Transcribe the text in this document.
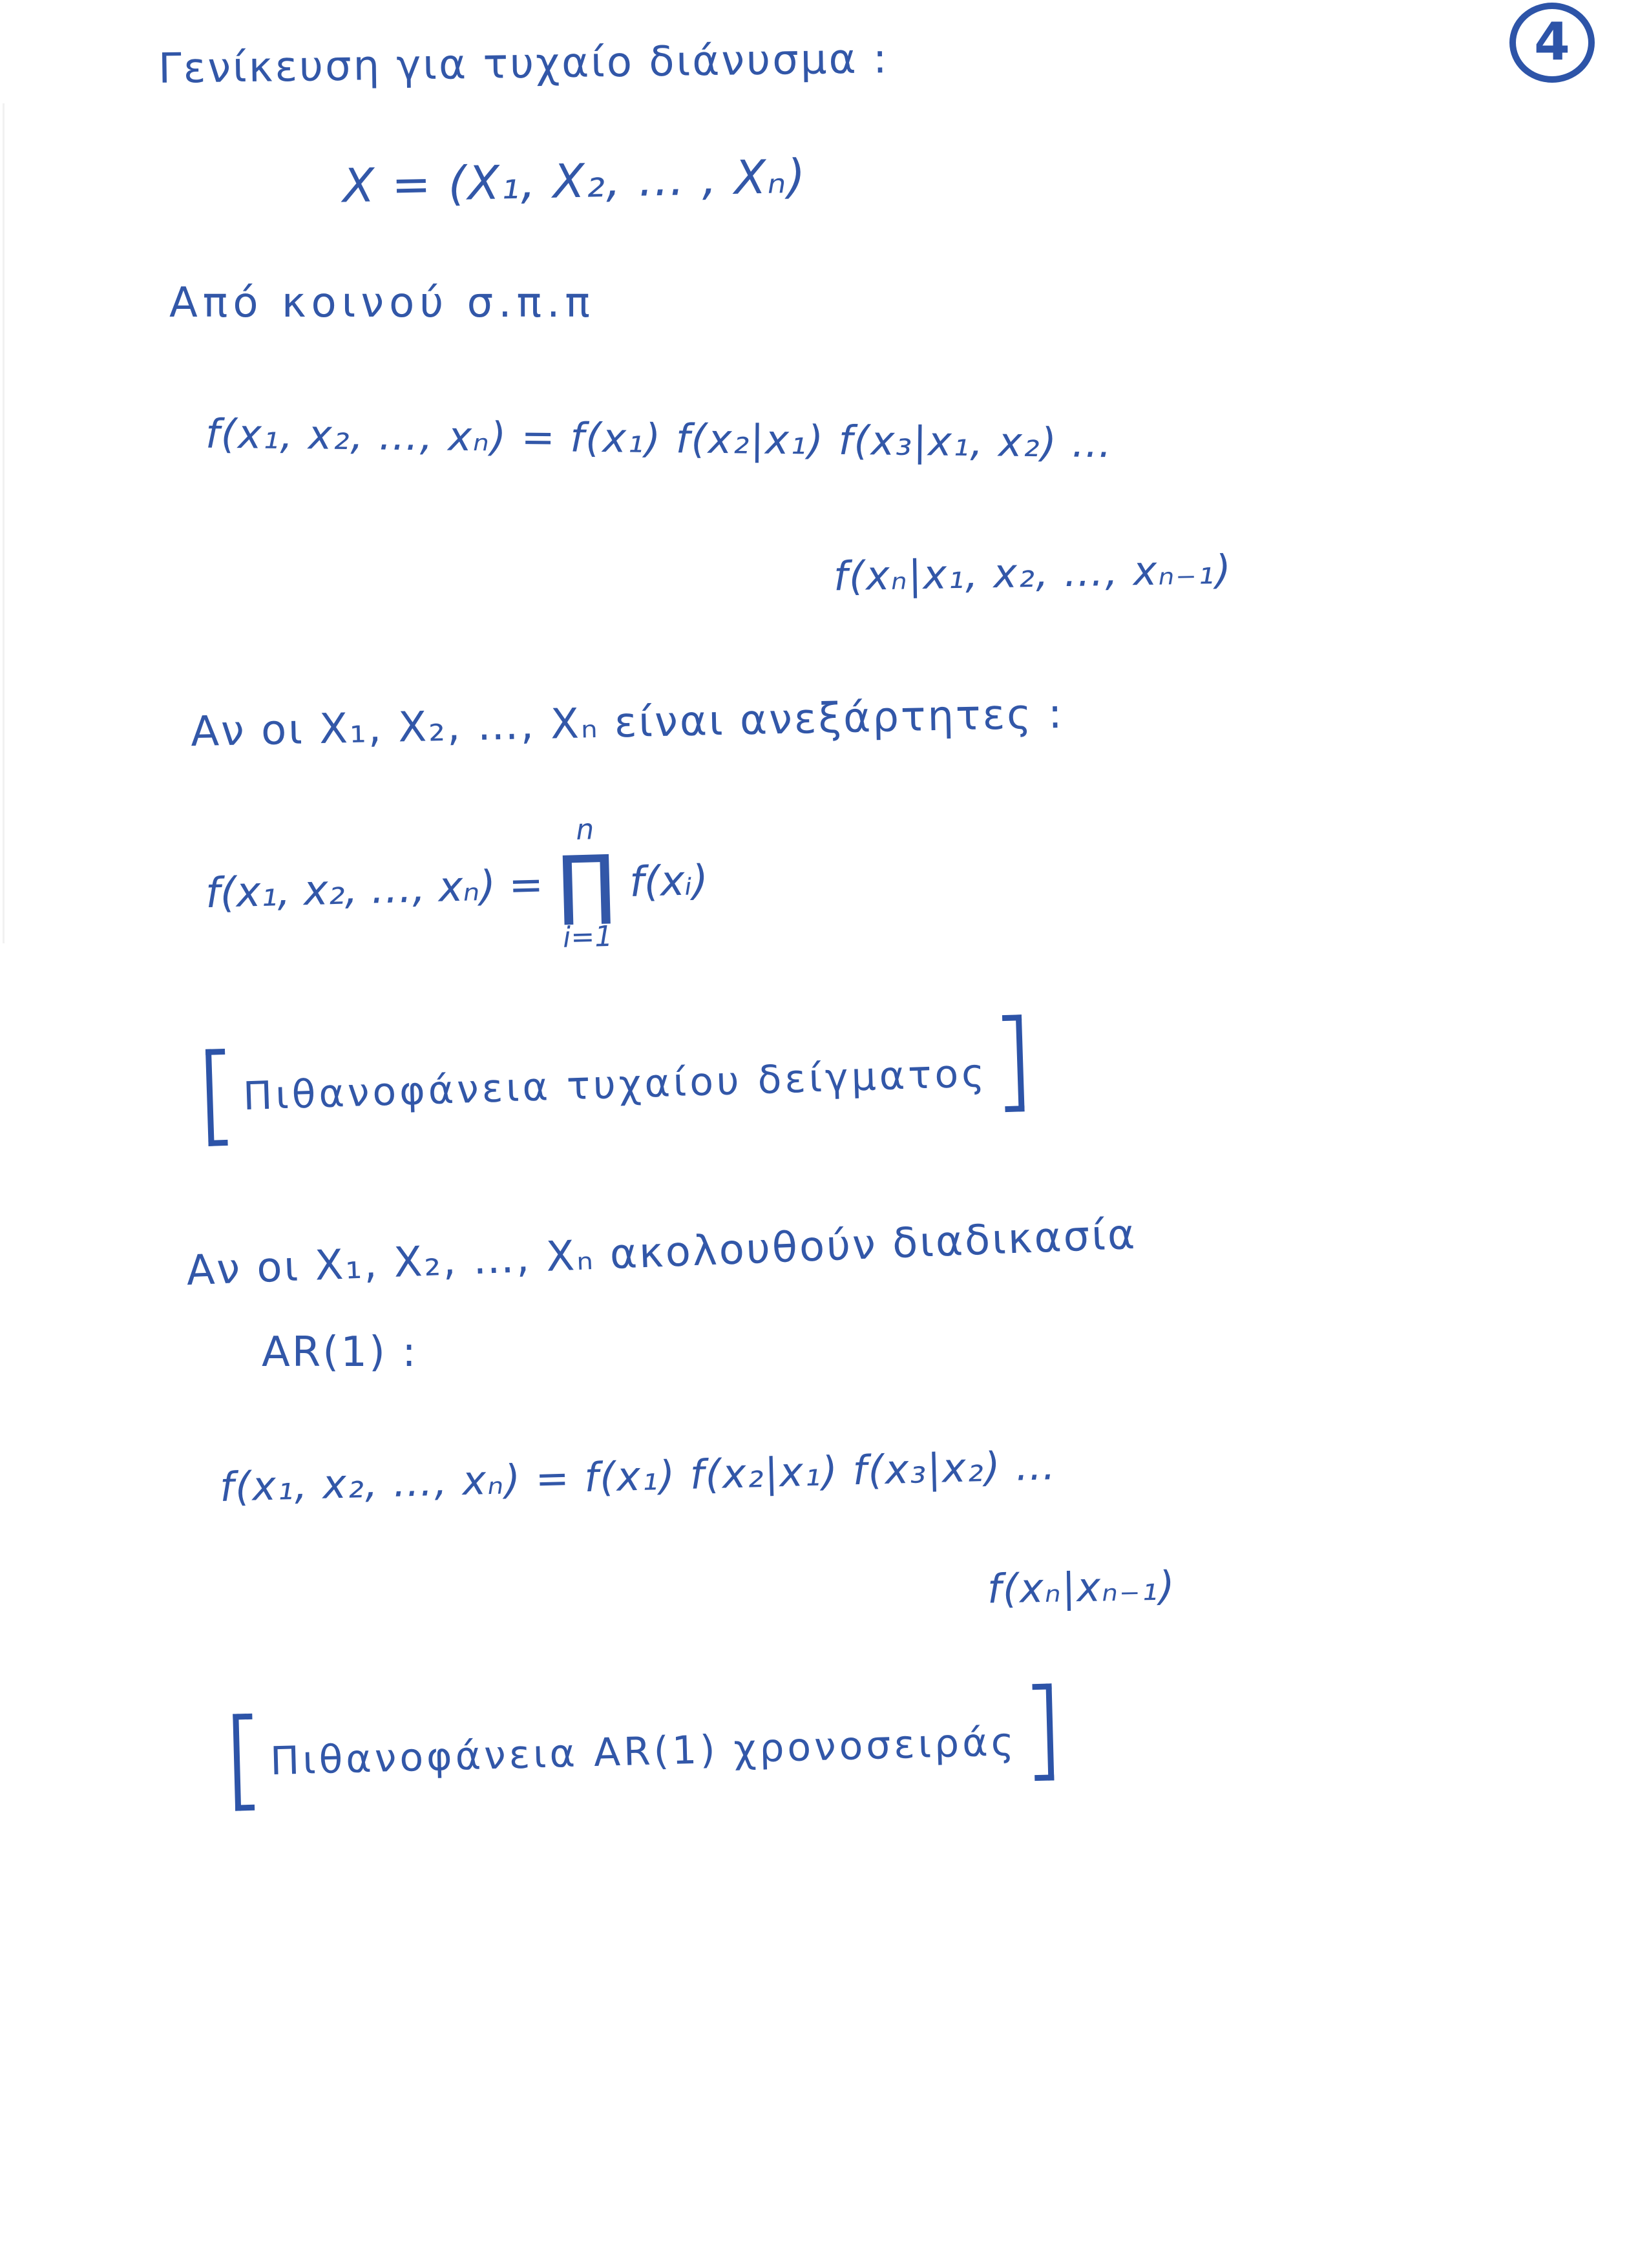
4
Γενίκευση για τυχαίο διάνυσμα :
X = (X₁, X₂, … , Xₙ)
Από κοινού σ.π.π
f(x₁, x₂, …, xₙ) = f(x₁) f(x₂|x₁) f(x₃|x₁, x₂) …
f(xₙ|x₁, x₂, …, xₙ₋₁)
Αν οι X₁, X₂, …, Xₙ είναι ανεξάρτητες :
f(x₁, x₂, …, xₙ) =
n
∏
i=1
f(xᵢ)
Πιθανοφάνεια τυχαίου δείγματος
Αν οι X₁, X₂, …, Xₙ ακολουθούν διαδικασία
AR(1) :
f(x₁, x₂, …, xₙ) = f(x₁) f(x₂|x₁) f(x₃|x₂) …
f(xₙ|xₙ₋₁)
Πιθανοφάνεια AR(1) χρονοσειράς
